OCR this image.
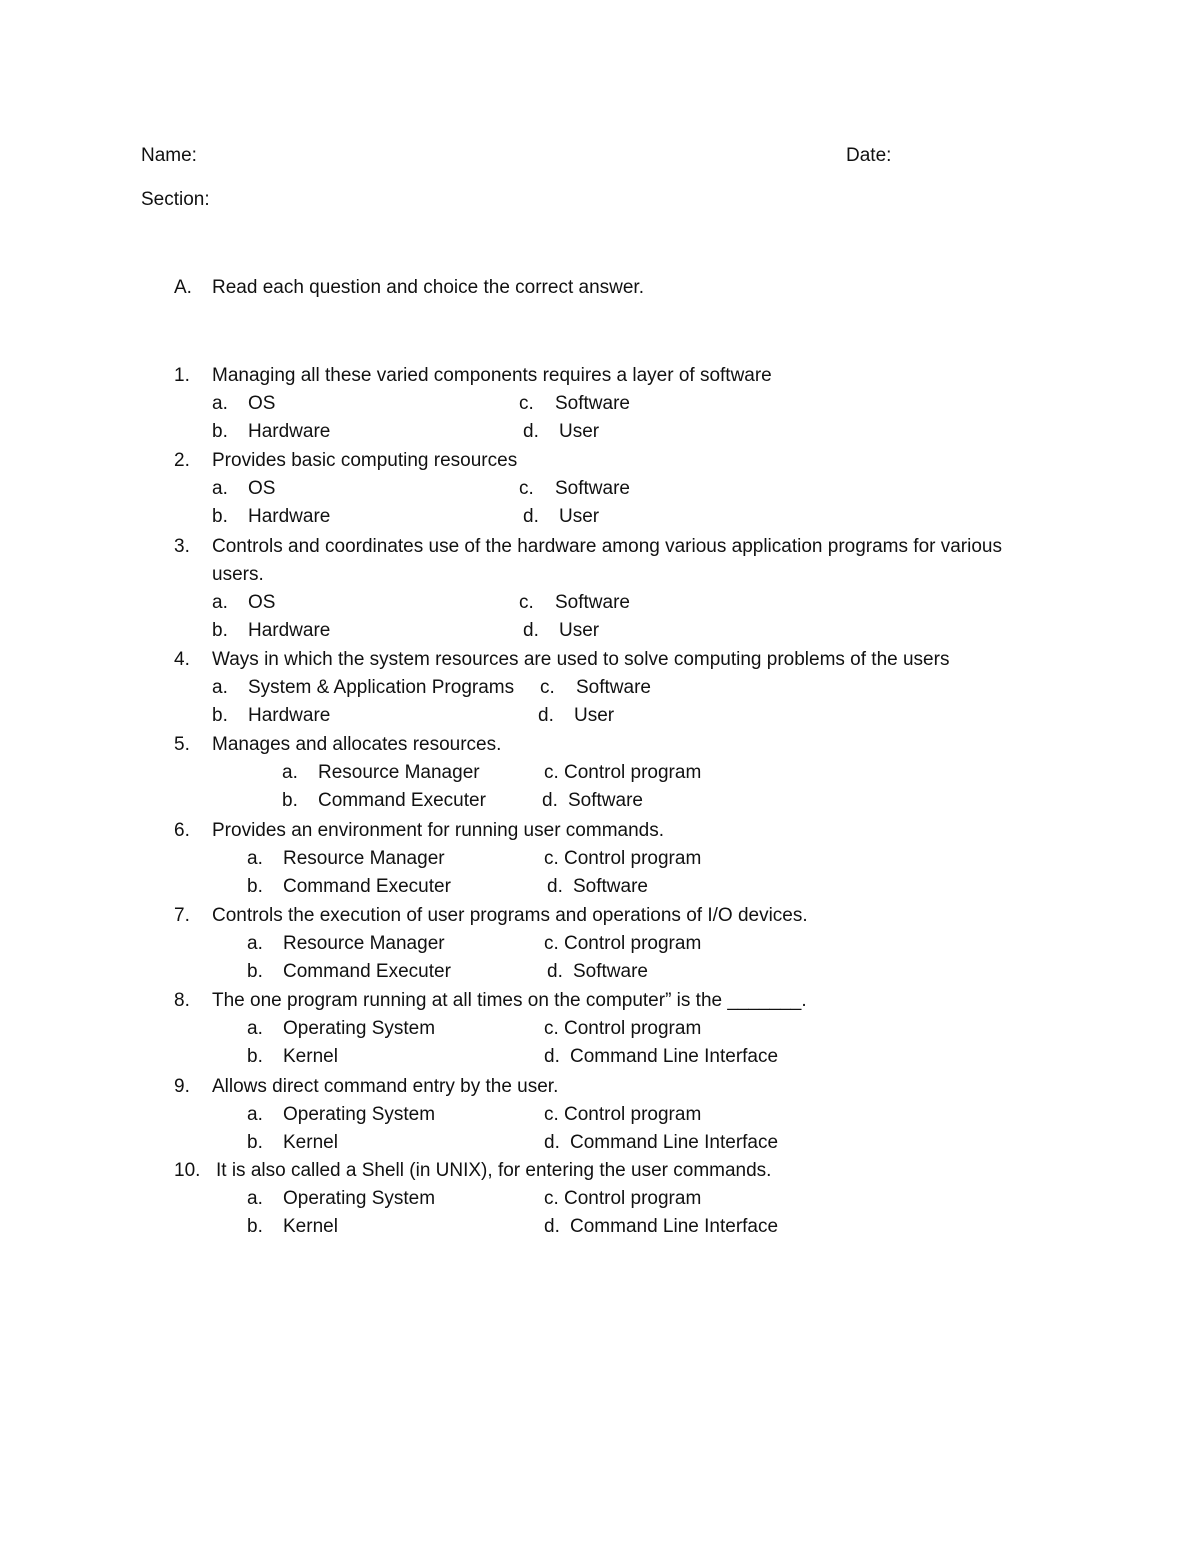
Name:	Date:
Section:
A. Read each question and choice the correct answer.
1. Managing all these varied components requires a layer of software
a. OS	c. Software
b. Hardware	d. User
2. Provides basic computing resources
a. OS	c. Software
b. Hardware	d. User
3. Controls and coordinates use of the hardware among various application programs for various users.
a. OS	c. Software
b. Hardware	d. User
4. Ways in which the system resources are used to solve computing problems of the users
a. System & Application Programs c. Software
b. Hardware	d. User
5. Manages and allocates resources.
a. Resource Manager	c. Control program
b. Command Executer	d. Software
6. Provides an environment for running user commands.
a. Resource Manager	c. Control program
b. Command Executer	d. Software
7. Controls the execution of user programs and operations of I/O devices.
a. Resource Manager	c. Control program
b. Command Executer	d. Software
8. The one program running at all times on the computer” is the _______.
a. Operating System	c. Control program
b. Kernel	d. Command Line Interface
9. Allows direct command entry by the user.
a. Operating System	c. Control program
b. Kernel	d. Command Line Interface
10. It is also called a Shell (in UNIX), for entering the user commands.
a. Operating System	c. Control program
b. Kernel	d. Command Line Interface
